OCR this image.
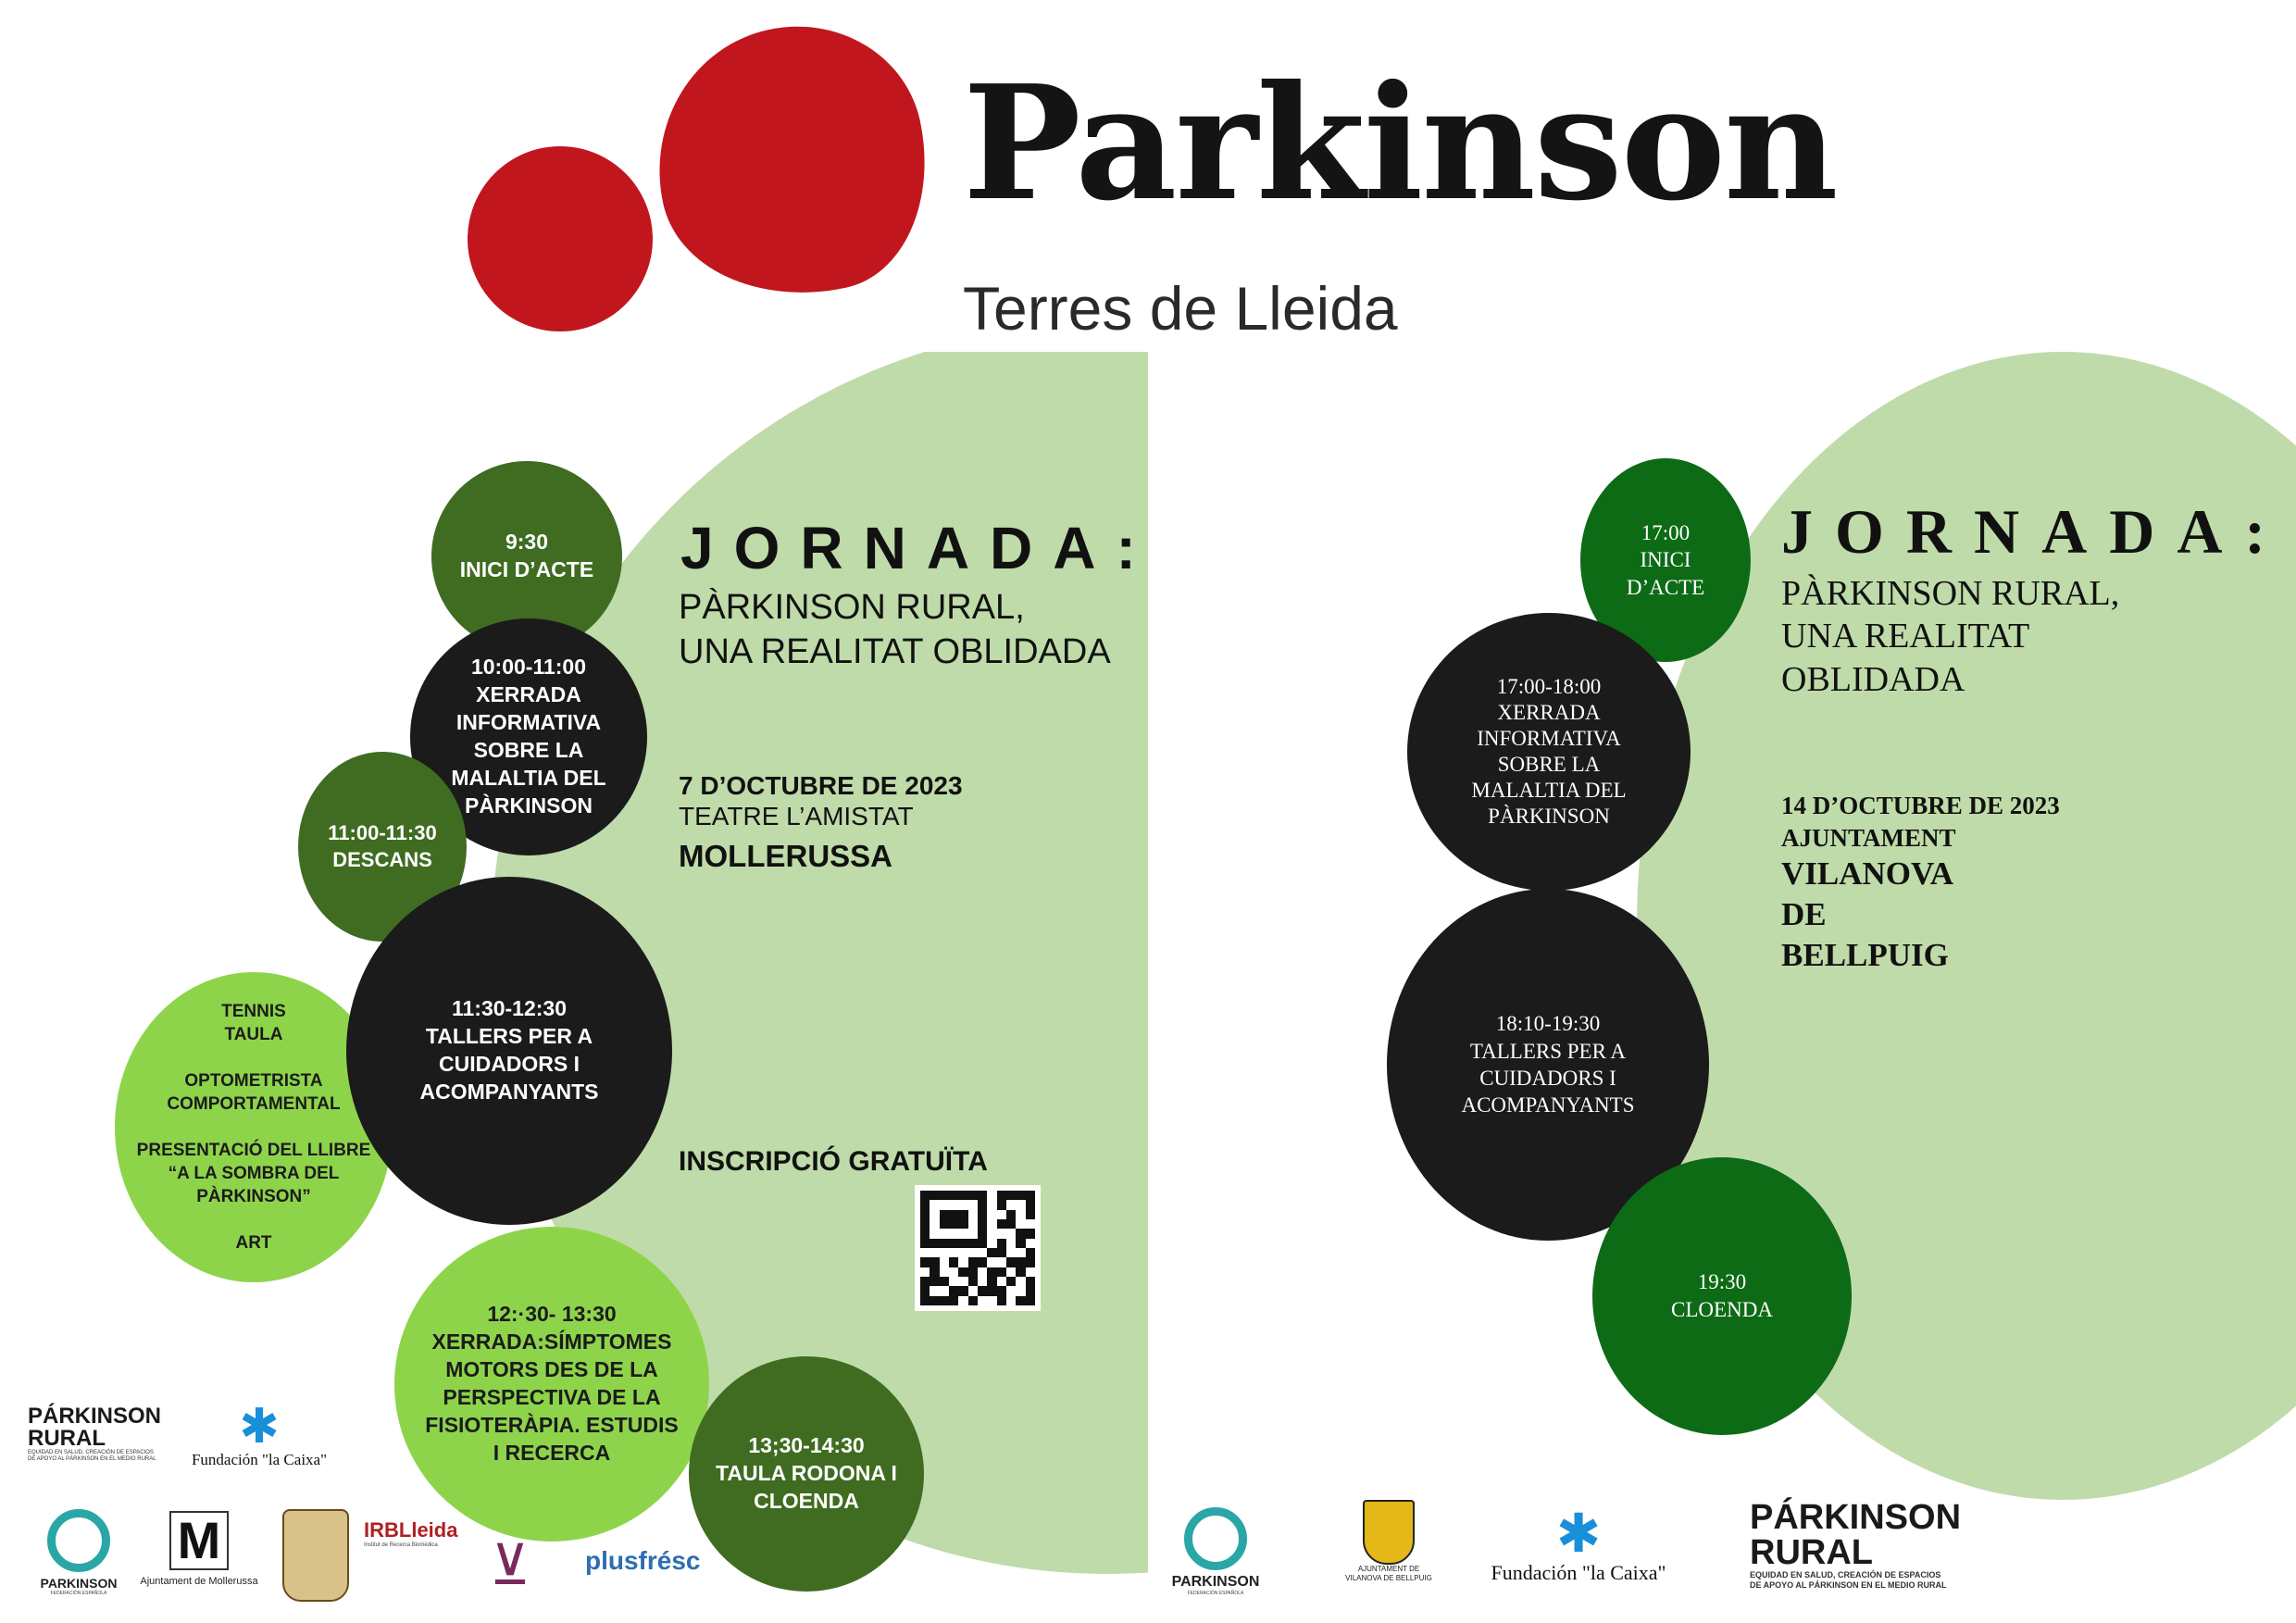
Parkinson
Terres de Lleida
JORNADA:
PÀRKINSON RURAL,
UNA REALITAT OBLIDADA
7 D’OCTUBRE DE 2023
TEATRE L’AMISTAT
MOLLERUSSA
INSCRIPCIÓ GRATUÏTA
9:30
INICI D’ACTE
10:00-11:00
XERRADA
INFORMATIVA
SOBRE LA
MALALTIA DEL
PÀRKINSON
11:00-11:30
DESCANS
TENNIS
TAULA

OPTOMETRISTA
COMPORTAMENTAL

PRESENTACIÓ DEL LLIBRE
“A LA SOMBRA DEL
PÀRKINSON”

ART
11:30-12:30
TALLERS PER A
CUIDADORS I
ACOMPANYANTS
12:·30- 13:30
XERRADA:SÍMPTOMES
MOTORS DES DE LA
PERSPECTIVA DE LA
FISIOTERÀPIA. ESTUDIS
I RECERCA	13;30-14:30
TAULA RODONA I
CLOENDA
PÁRKINSON
RURAL
EQUIDAD EN SALUD, CREACIÓN DE ESPACIOS
DE APOYO AL PÁRKINSON EN EL MEDIO RURAL
✱
Fundación "la Caixa"
PARKINSON
FEDERACIÓN ESPAÑOLA
M
Ajuntament de Mollerussa
IRBLleida
Institut de Recerca Biomèdica ⊻	plusfrésc
JORNADA:
PÀRKINSON RURAL,
UNA REALITAT
OBLIDADA
14 D’OCTUBRE DE 2023
AJUNTAMENT
VILANOVA
DE
BELLPUIG
17:00
INICI
D’ACTE
17:00-18:00
XERRADA
INFORMATIVA
SOBRE LA
MALALTIA DEL
PÀRKINSON
18:10-19:30
TALLERS PER A
CUIDADORS I
ACOMPANYANTS
19:30
CLOENDA
PARKINSON
FEDERACIÓN ESPAÑOLA
AJUNTAMENT DE
VILANOVA DE BELLPUIG
✱
Fundación "la Caixa"
PÁRKINSON
RURAL
EQUIDAD EN SALUD, CREACIÓN DE ESPACIOS
DE APOYO AL PÁRKINSON EN EL MEDIO RURAL
